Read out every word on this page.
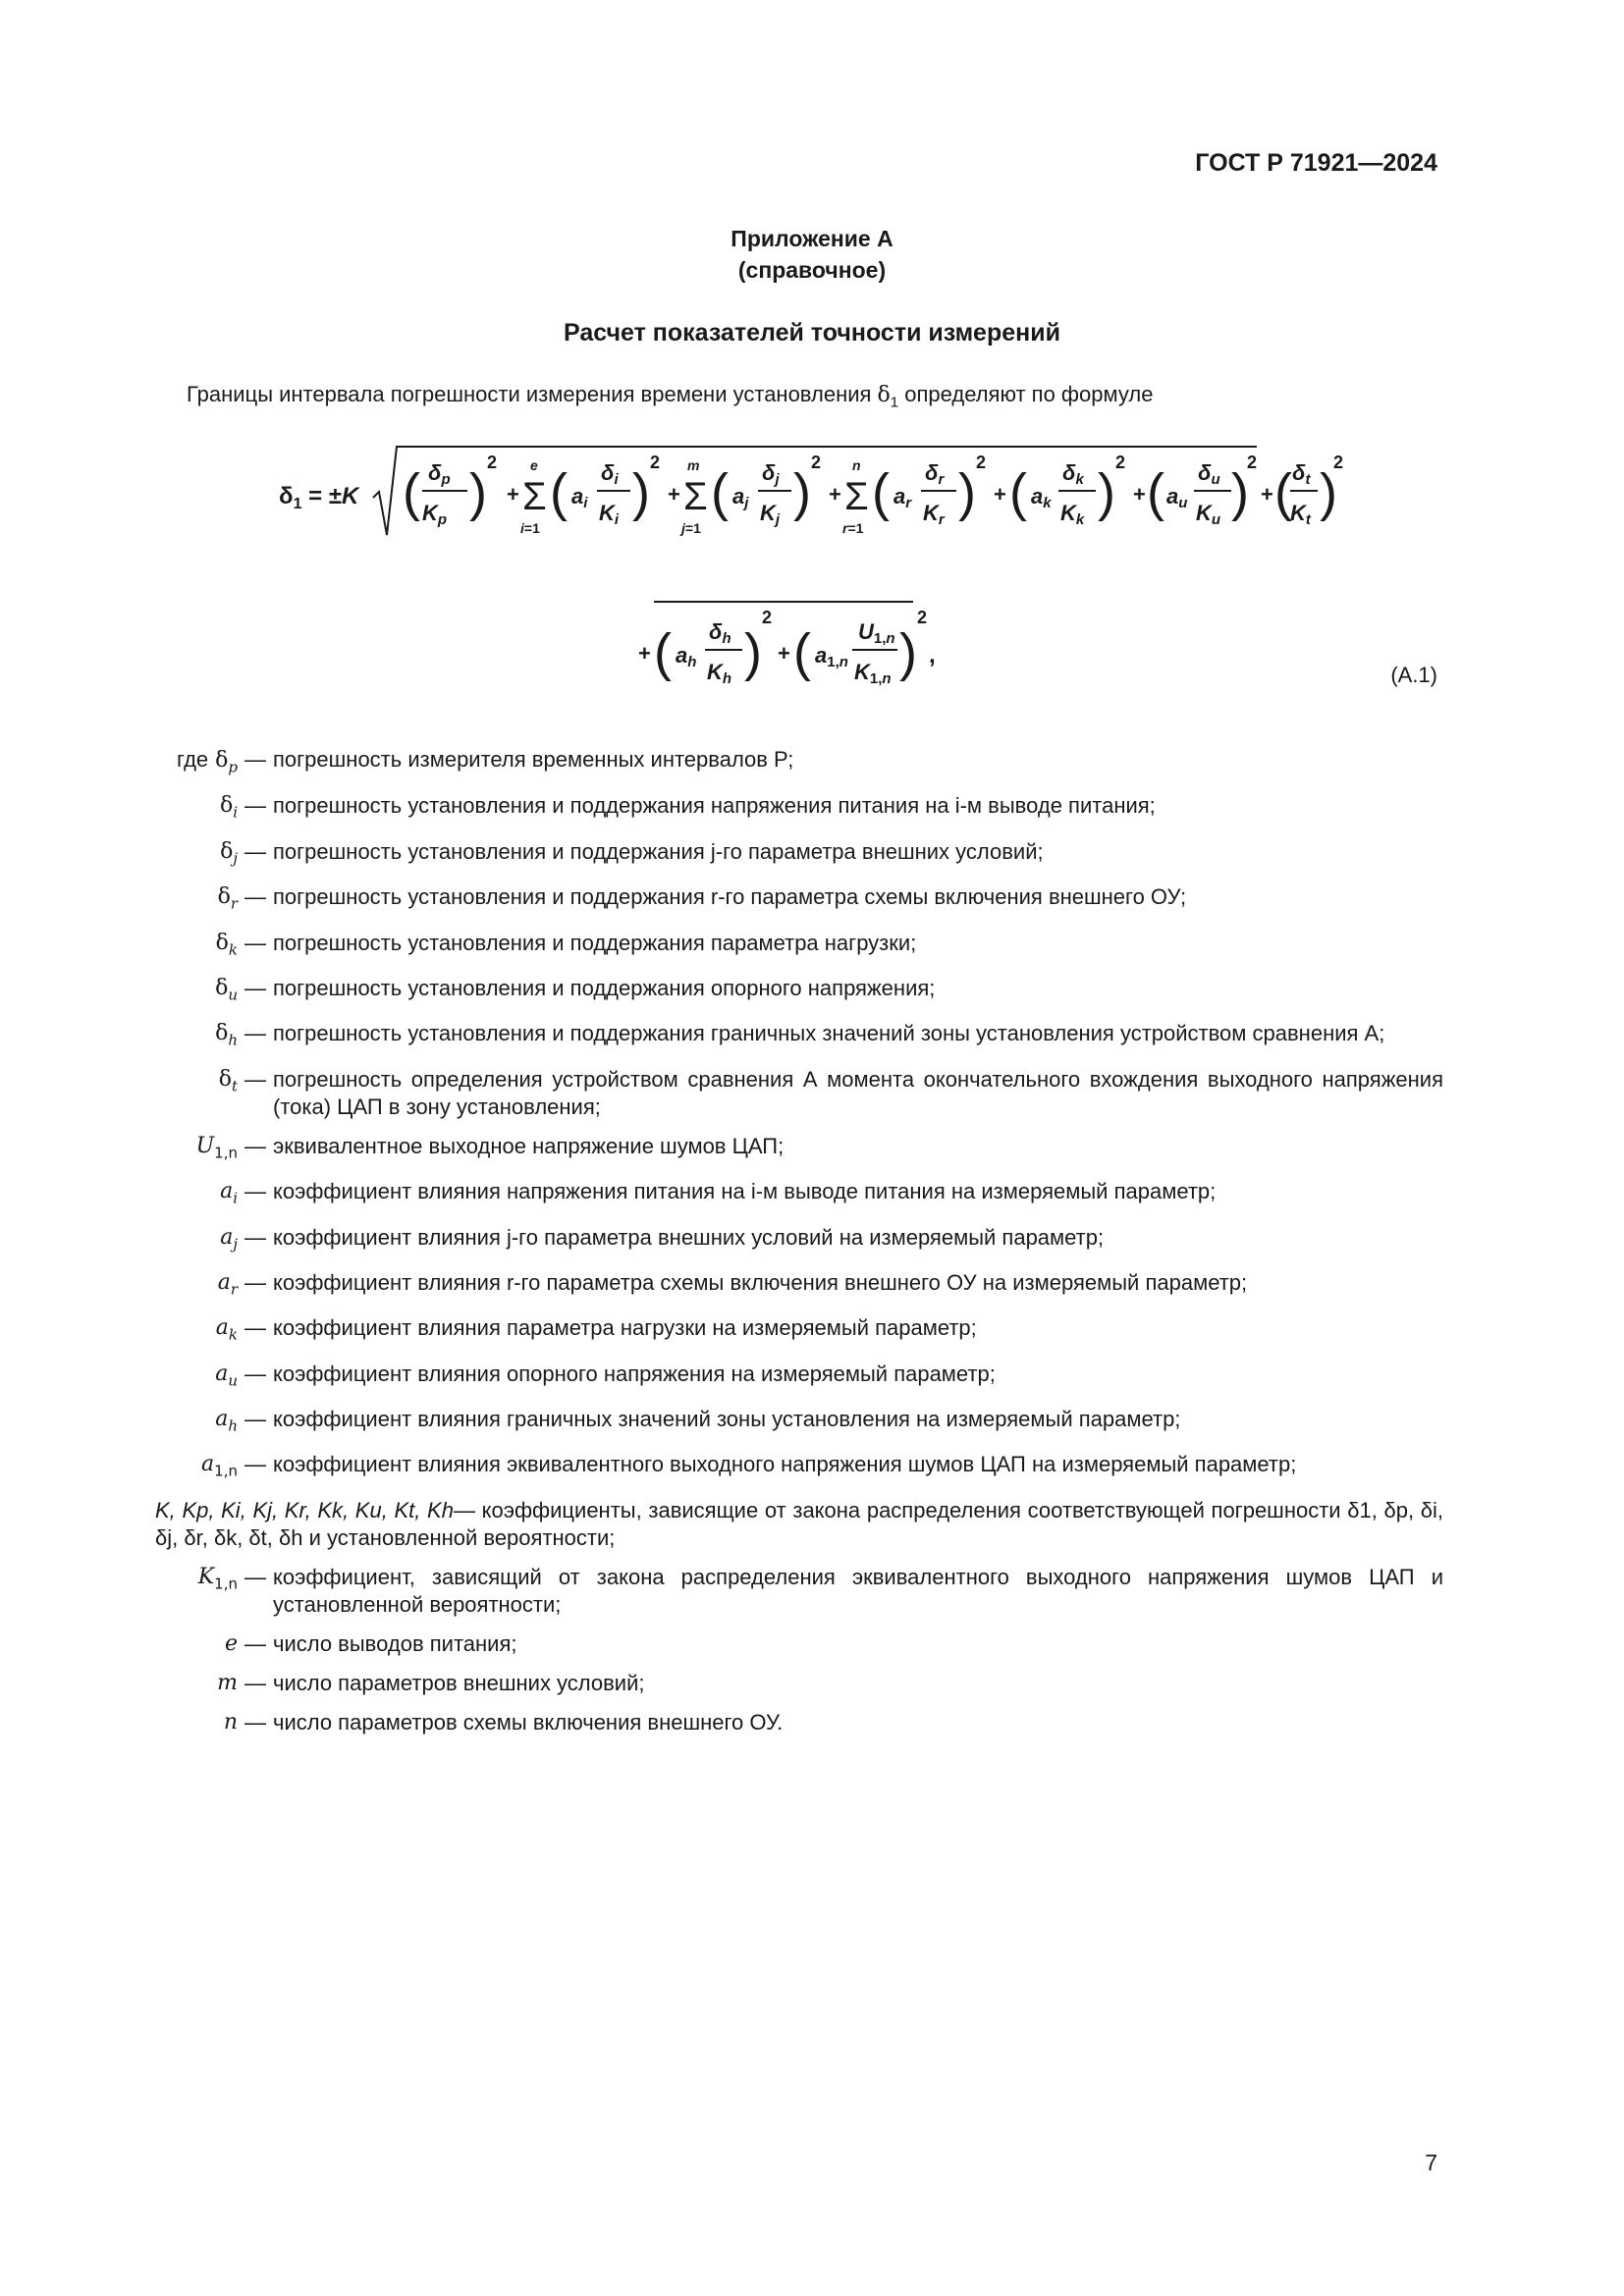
ГОСТ Р 71921—2024
Приложение А
(справочное)
Расчет показателей точности измерений
Границы интервала погрешности измерения времени установления $\delta_1$ определяют по формуле
$\delta_1 = \pm K$ ( δp
Kp )
2
+ Σ
e
i=1
( ai
δi
Ki )
2
+ Σ
m
j=1
( aj
δj
Kj )
2
+ Σ
n
r=1
( ar
δr
Kr )
2
+ ( ak
δk
Kk )
2
+ ( au
δu
Ku )
2
+ ( δt
Kt )
2
+ ( ah
δh
Kh )
2
+ ( a1,n
U1,n
K1,n )
2
,
(A.1)
где $\delta_p$ — погрешность измерителя временных интервалов Р;
$\delta_i$ — погрешность установления и поддержания напряжения питания на i-м выводе питания;
$\delta_j$ — погрешность установления и поддержания j-го параметра внешних условий;
$\delta_r$ — погрешность установления и поддержания r-го параметра схемы включения внешнего ОУ;
$\delta_k$ — погрешность установления и поддержания параметра нагрузки;
$\delta_u$ — погрешность установления и поддержания опорного напряжения;
$\delta_h$ — погрешность установления и поддержания граничных значений зоны установления устройством сравнения А;
$\delta_t$ — погрешность определения устройством сравнения А момента окончательного вхождения выходного напряжения (тока) ЦАП в зону установления;
$U_{1,n}$ — эквивалентное выходное напряжение шумов ЦАП;
$a_i$ — коэффициент влияния напряжения питания на i-м выводе питания на измеряемый параметр;
$a_j$ — коэффициент влияния j-го параметра внешних условий на измеряемый параметр;
$a_r$ — коэффициент влияния r-го параметра схемы включения внешнего ОУ на измеряемый параметр;
$a_k$ — коэффициент влияния параметра нагрузки на измеряемый параметр;
$a_u$ — коэффициент влияния опорного напряжения на измеряемый параметр;
$a_h$ — коэффициент влияния граничных значений зоны установления на измеряемый параметр;
$a_{1,n}$ — коэффициент влияния эквивалентного выходного напряжения шумов ЦАП на измеряемый параметр;
K, Kp, Ki, Kj, Kr, Kk, Ku, Kt, Kh— коэффициенты, зависящие от закона распределения соответствующей погрешности δ1, δp, δi, δj, δr, δk, δt, δh и установленной вероятности;
$K_{1,n}$ — коэффициент, зависящий от закона распределения эквивалентного выходного напряжения шумов ЦАП и установленной вероятности;
e — число выводов питания;
m — число параметров внешних условий;
n — число параметров схемы включения внешнего ОУ.
7
